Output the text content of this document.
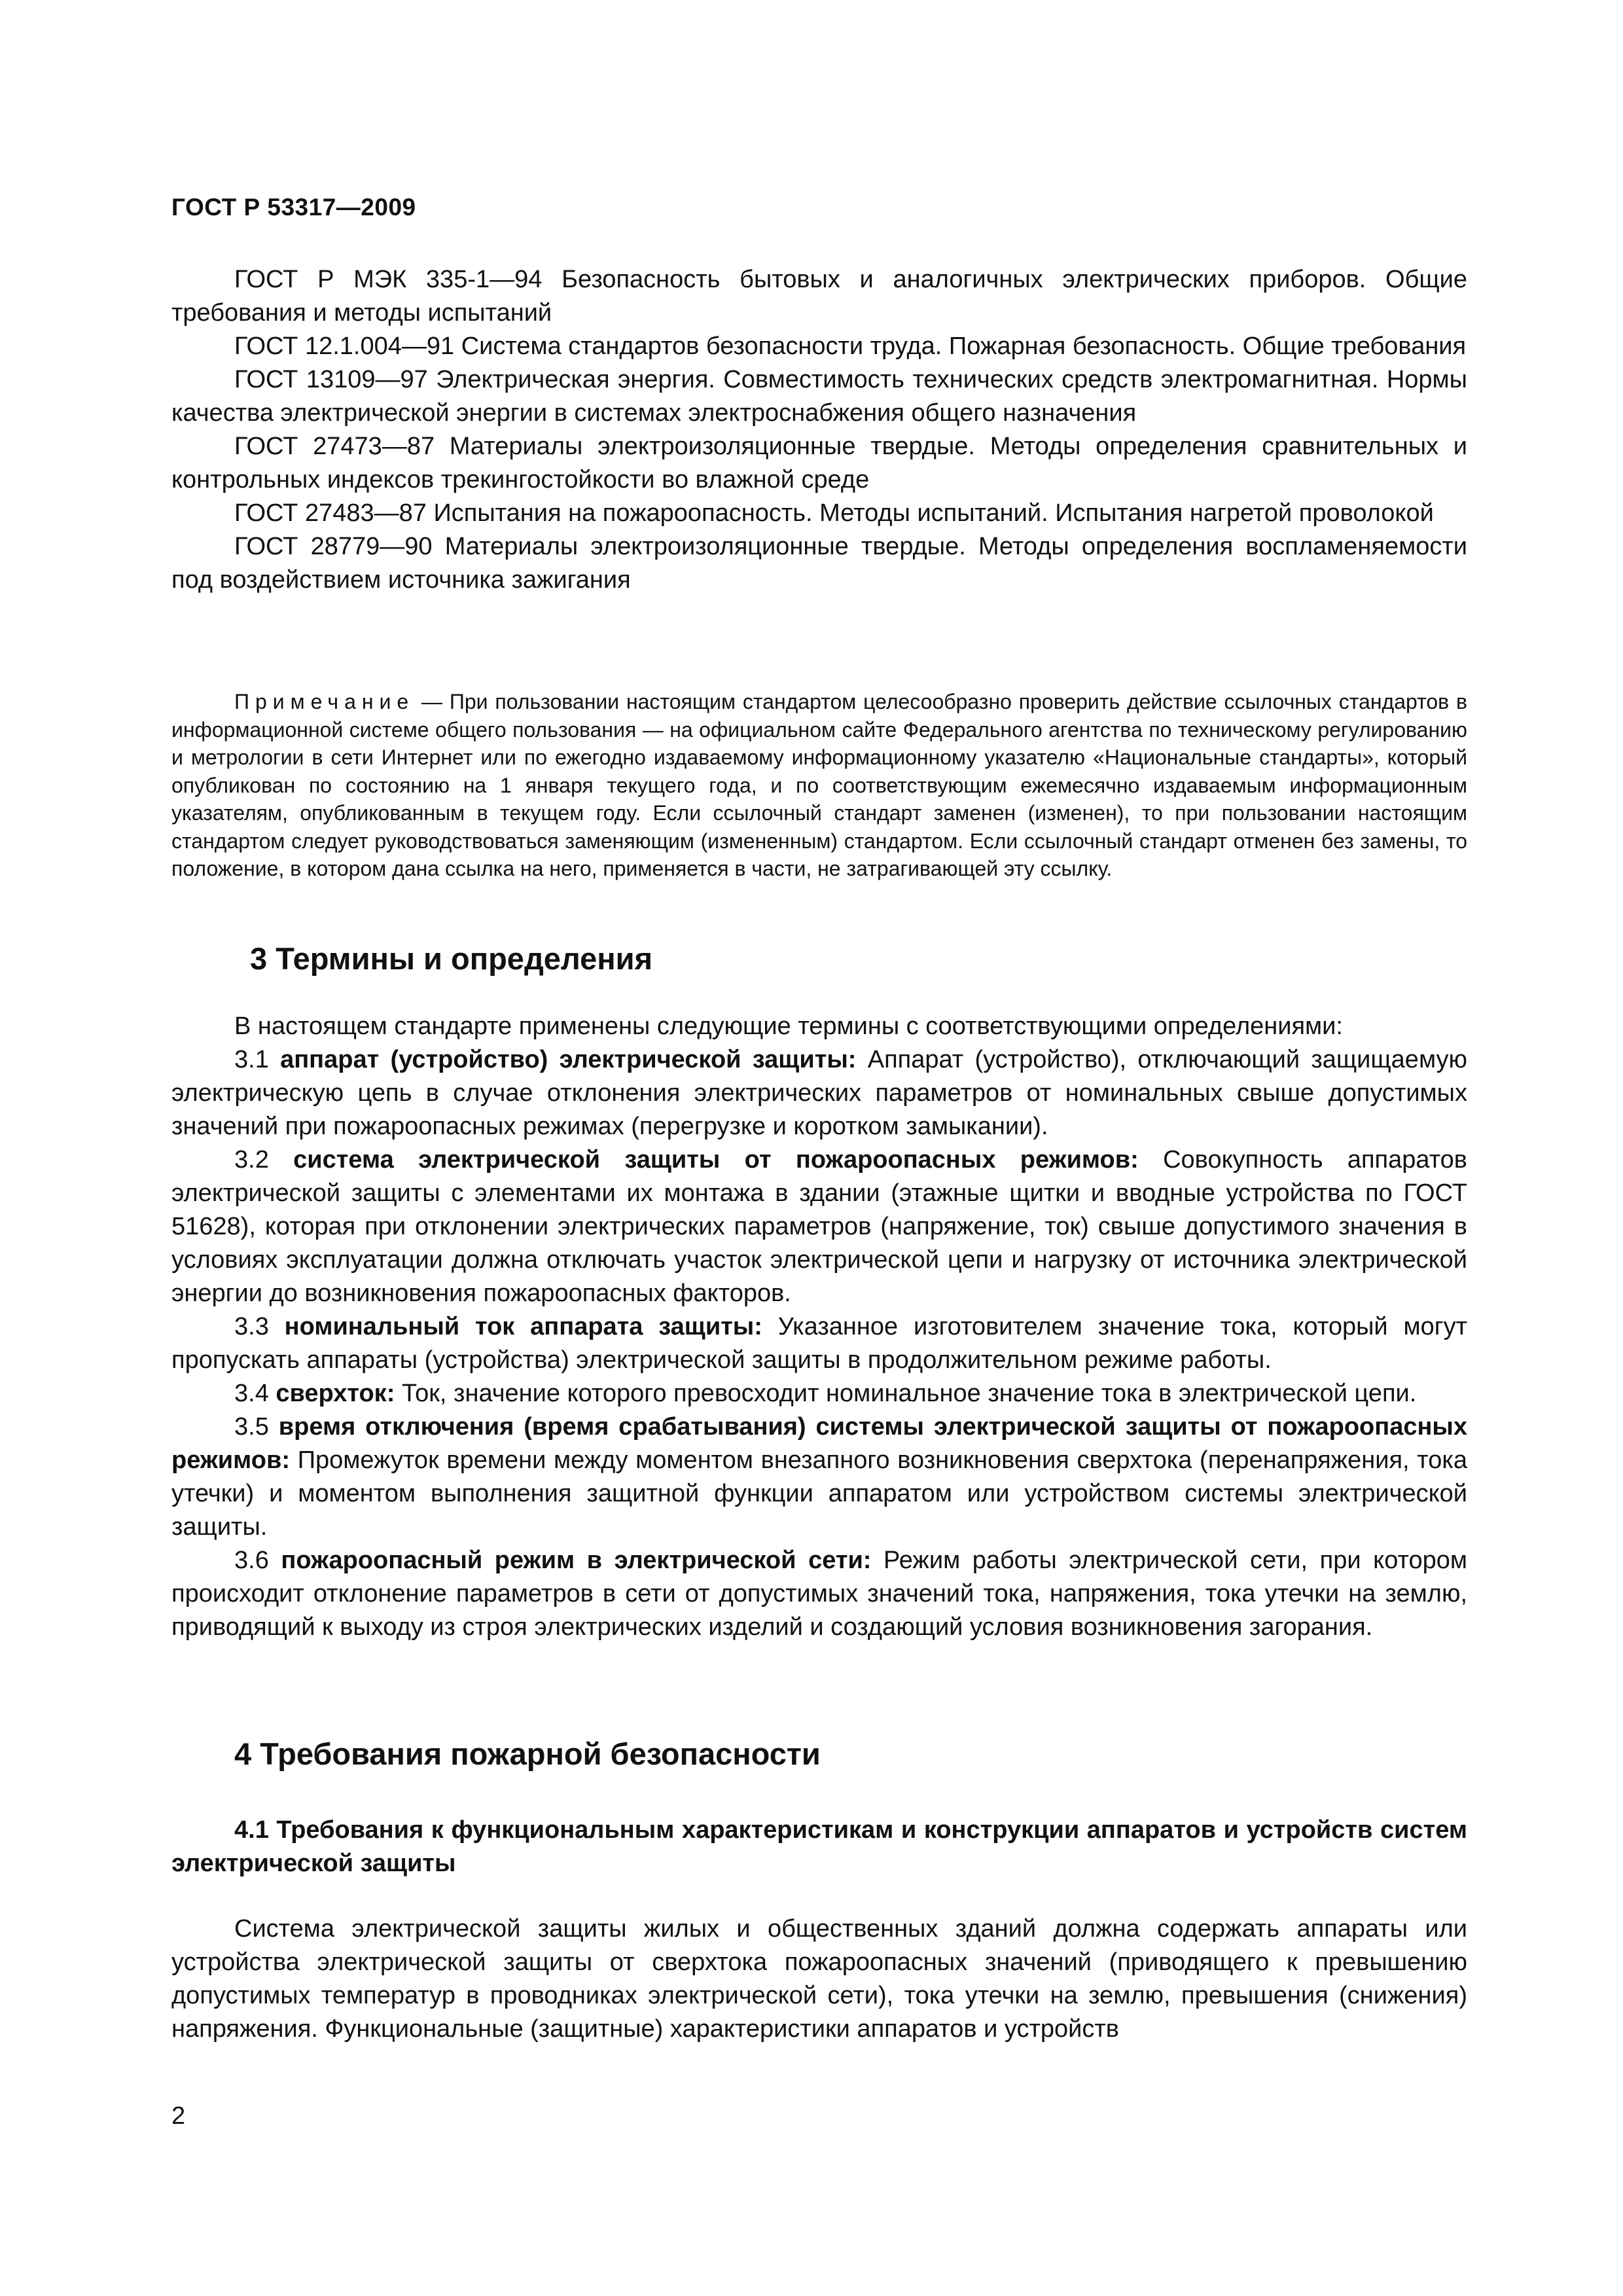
ГОСТ Р 53317—2009

ГОСТ Р МЭК 335-1—94 Безопасность бытовых и аналогичных электрических приборов. Общие требования и методы испытаний

ГОСТ 12.1.004—91 Система стандартов безопасности труда. Пожарная безопасность. Общие требования

ГОСТ 13109—97 Электрическая энергия. Совместимость технических средств электромагнитная. Нормы качества электрической энергии в системах электроснабжения общего назначения

ГОСТ 27473—87 Материалы электроизоляционные твердые. Методы определения сравнительных и контрольных индексов трекингостойкости во влажной среде

ГОСТ 27483—87 Испытания на пожароопасность. Методы испытаний. Испытания нагретой проволокой

ГОСТ 28779—90 Материалы электроизоляционные твердые. Методы определения воспламеняемости под воздействием источника зажигания

Примечание — При пользовании настоящим стандартом целесообразно проверить действие ссылочных стандартов в информационной системе общего пользования — на официальном сайте Федерального агентства по техническому регулированию и метрологии в сети Интернет или по ежегодно издаваемому информационному указателю «Национальные стандарты», который опубликован по состоянию на 1 января текущего года, и по соответствующим ежемесячно издаваемым информационным указателям, опубликованным в текущем году. Если ссылочный стандарт заменен (изменен), то при пользовании настоящим стандартом следует руководствоваться заменяющим (измененным) стандартом. Если ссылочный стандарт отменен без замены, то положение, в котором дана ссылка на него, применяется в части, не затрагивающей эту ссылку.

3 Термины и определения

В настоящем стандарте применены следующие термины с соответствующими определениями:

3.1 аппарат (устройство) электрической защиты: Аппарат (устройство), отключающий защищаемую электрическую цепь в случае отклонения электрических параметров от номинальных свыше допустимых значений при пожароопасных режимах (перегрузке и коротком замыкании).

3.2 система электрической защиты от пожароопасных режимов: Совокупность аппаратов электрической защиты с элементами их монтажа в здании (этажные щитки и вводные устройства по ГОСТ 51628), которая при отклонении электрических параметров (напряжение, ток) свыше допустимого значения в условиях эксплуатации должна отключать участок электрической цепи и нагрузку от источника электрической энергии до возникновения пожароопасных факторов.

3.3 номинальный ток аппарата защиты: Указанное изготовителем значение тока, который могут пропускать аппараты (устройства) электрической защиты в продолжительном режиме работы.

3.4 сверхток: Ток, значение которого превосходит номинальное значение тока в электрической цепи.

3.5 время отключения (время срабатывания) системы электрической защиты от пожароопасных режимов: Промежуток времени между моментом внезапного возникновения сверхтока (перенапряжения, тока утечки) и моментом выполнения защитной функции аппаратом или устройством системы электрической защиты.

3.6 пожароопасный режим в электрической сети: Режим работы электрической сети, при котором происходит отклонение параметров в сети от допустимых значений тока, напряжения, тока утечки на землю, приводящий к выходу из строя электрических изделий и создающий условия возникновения загорания.

4 Требования пожарной безопасности

4.1 Требования к функциональным характеристикам и конструкции аппаратов и устройств систем электрической защиты

Система электрической защиты жилых и общественных зданий должна содержать аппараты или устройства электрической защиты от сверхтока пожароопасных значений (приводящего к превышению допустимых температур в проводниках электрической сети), тока утечки на землю, превышения (снижения) напряжения. Функциональные (защитные) характеристики аппаратов и устройств

2
